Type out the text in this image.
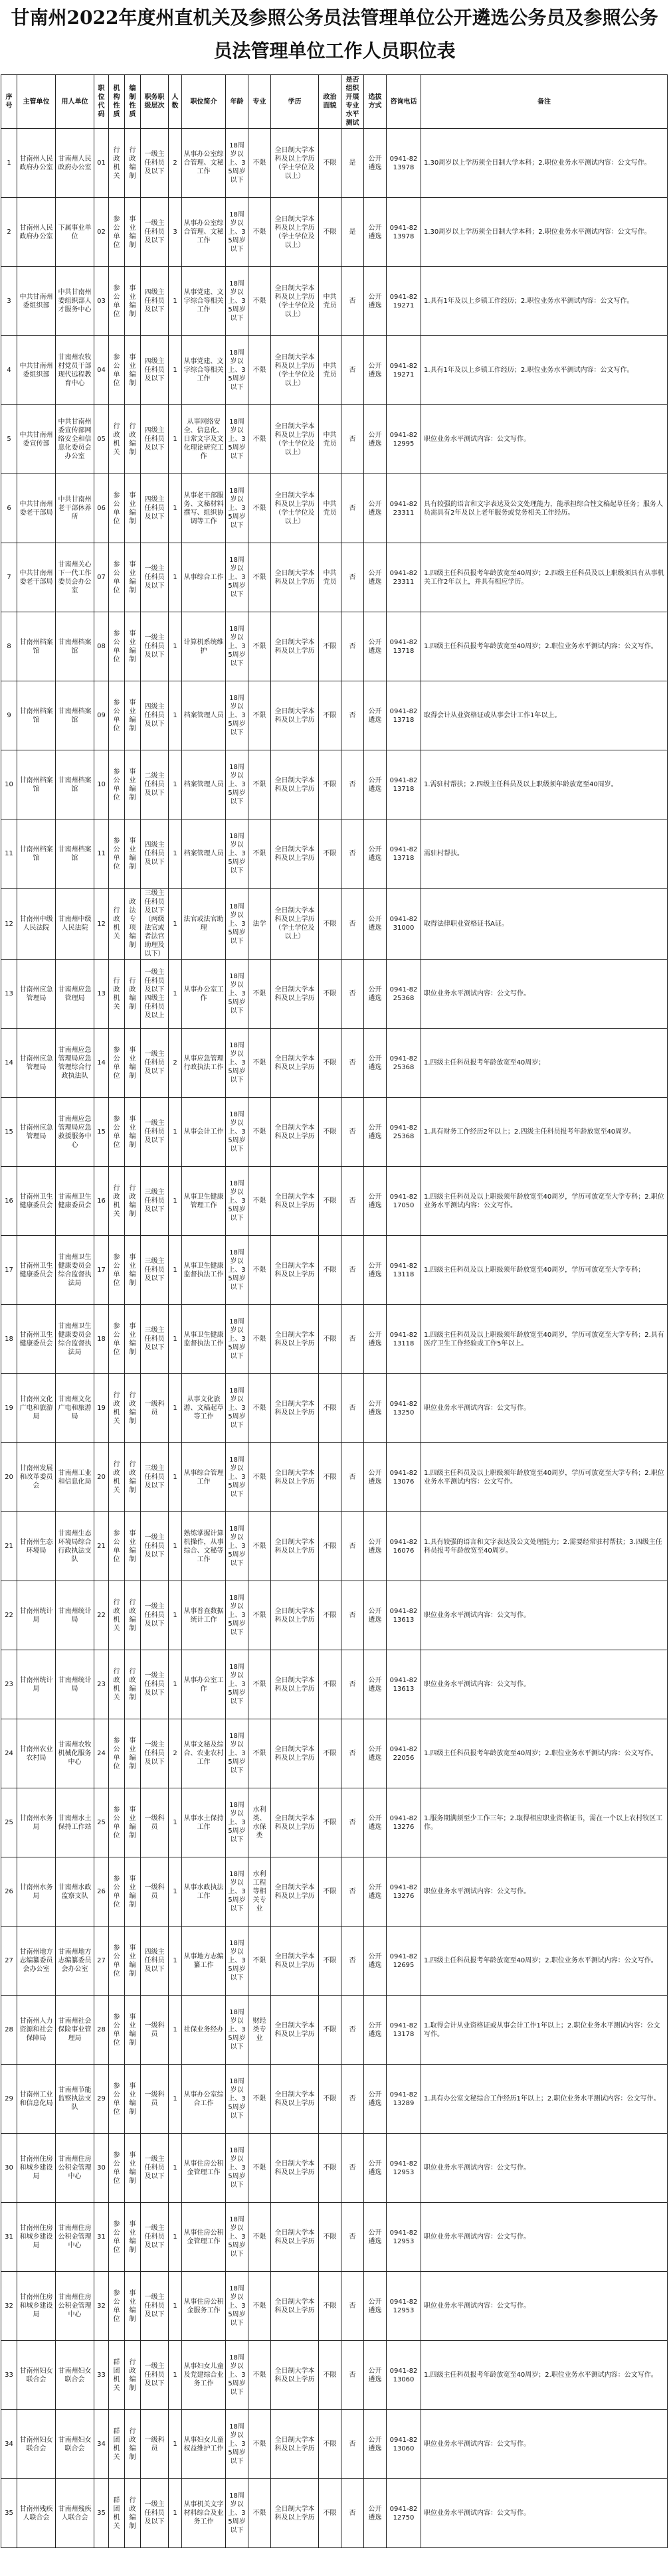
甘南州2022年度州直机关及参照公务员法管理单位公开遴选公务员及参照公务员法管理单位工作人员职位表
序号	主管单位	用人单位	职位代码	机构性质	编制性质	职务职级层次	人数	职位简介	年龄	专业	学历	政治面貌	是否组织开展专业水平测试	选拔方式	咨询电话	备注
1	甘南州人民政府办公室	甘南州人民政府办公室	01	行政机关	行政编制	一级主任科员及以下	2	从事办公室综合管理、文秘工作	18周岁以上、35周岁以下	不限	全日制大学本科及以上学历（学士学位及以上）	不限	是	公开遴选	0941-8213978	1.30周岁以上学历须全日制大学本科；2.职位业务水平测试内容：公文写作。
2	甘南州人民政府办公室	下属事业单位	02	参公单位	事业编制	一级主任科员及以下	3	从事办公室综合管理、文秘工作	18周岁以上、35周岁以下	不限	全日制大学本科及以上学历（学士学位及以上）	不限	是	公开遴选	0941-8213978	1.30周岁以上学历须全日制大学本科；2.职位业务水平测试内容：公文写作。
3	中共甘南州委组织部	中共甘南州委组织部人才服务中心	03	参公单位	事业编制	四级主任科员及以下	1	从事党建、文字综合等相关工作	18周岁以上、35周岁以下	不限	全日制大学本科及以上学历（学士学位及以上）	中共党员	否	公开遴选	0941-8219271	1.具有1年及以上乡镇工作经历；2.职位业务水平测试内容：公文写作。
4	中共甘南州委组织部	甘南州农牧村党员干部现代远程教育中心	04	参公单位	事业编制	四级主任科员及以下	1	从事党建、文字综合等相关工作	18周岁以上、35周岁以下	不限	全日制大学本科及以上学历（学士学位及以上）	中共党员	否	公开遴选	0941-8219271	1.具有1年及以上乡镇工作经历；2.职位业务水平测试内容：公文写作。
5	中共甘南州委宣传部	中共甘南州委宣传部网络安全和信息化委员会办公室	05	行政机关	行政编制	四级主任科员及以下	1	从事网络安全、信息化、日常文字及文化理论研究工作	18周岁以上、35周岁以下	不限	全日制大学本科及以上学历（学士学位及以上）	中共党员	否	公开遴选	0941-8212995	职位业务水平测试内容：公文写作。
6	中共甘南州委老干部局	中共甘南州老干部休养所	06	参公单位	事业编制	四级主任科员及以下	1	从事老干部服务、文秘材料撰写、组织协调等工作	18周岁以上、35周岁以下	不限	全日制大学本科及以上学历（学士学位及以上）	中共党员	否	公开遴选	0941-8223311	具有较强的语言和文字表达及公文处理能力，能承担综合性文稿起草任务；服务人员需具有2年及以上老年服务或党务相关工作经历。
7	中共甘南州委老干部局	甘南州关心下一代工作委员会办公室	07	参公单位	事业编制	一级主任科员及以下	1	从事综合工作	18周岁以上、35周岁以下	不限	全日制大学本科及以上学历	中共党员	否	公开遴选	0941-8223311	1.四级主任科员报考年龄放宽至40周岁；2.四级主任科员及以上职级须具有从事机关工作2年以上，并具有相应学历。
8	甘南州档案馆	甘南州档案馆	08	参公单位	事业编制	一级主任科员及以下	1	计算机系统维护	18周岁以上、35周岁以下	不限	全日制大学本科及以上学历	不限	否	公开遴选	0941-8213718	1.四级主任科员报考年龄放宽至40周岁；2.职位业务水平测试内容：公文写作。
9	甘南州档案馆	甘南州档案馆	09	参公单位	事业编制	四级主任科员及以下	1	档案管理人员	18周岁以上、35周岁以下	不限	全日制大学本科及以上学历	不限	否	公开遴选	0941-8213718	取得会计从业资格证或从事会计工作1年以上。
10	甘南州档案馆	甘南州档案馆	10	参公单位	事业编制	二级主任科员及以下	1	档案管理人员	18周岁以上、35周岁以下	不限	全日制大学本科及以上学历	不限	否	公开遴选	0941-8213718	1.需驻村帮扶；2.四级主任科员及以上职级须年龄放宽至40周岁。
11	甘南州档案馆	甘南州档案馆	11	参公单位	事业编制	四级主任科员及以下	1	档案管理人员	18周岁以上、35周岁以下	不限	全日制大学本科及以上学历	不限	否	公开遴选	0941-8213718	需驻村帮扶。
12	甘南州中级人民法院	甘南州中级人民法院	12	行政机关	政法专项编制	三级主任科员及以下（两级法官或者法官助理及以下）	1	法官或法官助理	18周岁以上、35周岁以下	法学	全日制大学本科及以上学历（学士学位及以上）	不限	否	公开遴选	0941-8231000	取得法律职业资格证书A证。
13	甘南州应急管理局	甘南州应急管理局	13	行政机关	行政编制	一级主任科员及以下四级主任科员及以上	1	从事办公室工作	18周岁以上、35周岁以下	不限	全日制大学本科及以上学历	不限	否	公开遴选	0941-8225368	职位业务水平测试内容：公文写作。
14	甘南州应急管理局	甘南州应急管理局应急管理综合行政执法队	14	参公单位	事业编制	一级主任科员及以下	2	从事应急管理行政执法工作	18周岁以上、35周岁以下	不限	全日制大学本科及以上学历	不限	否	公开遴选	0941-8225368	1.四级主任科员报考年龄放宽至40周岁；
15	甘南州应急管理局	甘南州应急管理局应急救援服务中心	15	参公单位	事业编制	一级主任科员及以下	1	从事会计工作	18周岁以上、35周岁以下	不限	全日制大学本科及以上学历	不限	否	公开遴选	0941-8225368	1.具有财务工作经历2年以上；2.四级主任科员报考年龄放宽至40周岁。
16	甘南州卫生健康委员会	甘南州卫生健康委员会	16	行政机关	行政编制	三级主任科员及以下	1	从事卫生健康管理工作	18周岁以上、35周岁以下	不限	全日制大学本科及以上学历	不限	否	公开遴选	0941-8217050	1.四级主任科员及以上职级须年龄放宽至40周岁，学历可放宽至大学专科；2.职位业务水平测试内容：公文写作。
17	甘南州卫生健康委员会	甘南州卫生健康委员会综合监督执法局	17	参公单位	事业编制	三级主任科员及以下	1	从事卫生健康监督执法工作	18周岁以上、35周岁以下	不限	全日制大学本科及以上学历	不限	否	公开遴选	0941-8213118	1.四级主任科员及以上职级须年龄放宽至40周岁，学历可放宽至大学专科；
18	甘南州卫生健康委员会	甘南州卫生健康委员会综合监督执法局	18	参公单位	事业编制	三级主任科员及以下	1	从事卫生健康监督执法工作	18周岁以上、35周岁以下	不限	全日制大学本科及以上学历	不限	否	公开遴选	0941-8213118	1.四级主任科员及以上职级须年龄放宽至40周岁，学历可放宽至大学专科；2.具有医疗卫生工作经验或工作5年以上。
19	甘南州文化广电和旅游局	甘南州文化广电和旅游局	19	行政机关	行政编制	一级科员	1	从事文化旅游、文稿起草等工作	18周岁以上、35周岁以下	不限	全日制大学本科及以上学历	不限	否	公开遴选	0941-8213250	职位业务水平测试内容：公文写作。
20	甘南州发展和改革委员会	甘南州工业和信息化局	20	行政机关	行政编制	三级主任科员及以下	1	从事综合管理工作	18周岁以上、35周岁以下	不限	全日制大学本科及以上学历	不限	否	公开遴选	0941-8213076	1.四级主任科员及以上职级须年龄放宽至40周岁，学历可放宽至大学专科；2.职位业务水平测试内容：公文写作。
21	甘南州生态环境局	甘南州生态环境局综合行政执法支队	21	参公单位	事业编制	一级主任科员及以下	1	熟练掌握计算机操作，从事综合、文秘等工作	18周岁以上、35周岁以下	不限	全日制大学本科及以上学历	不限	否	公开遴选	0941-8216076	1.具有较强的语言和文字表达及公文处理能力；2.需要经常驻村帮扶；3.四级主任科员报考年龄放宽至40周岁。
22	甘南州统计局	甘南州统计局	22	行政机关	行政编制	一级主任科员及以下	1	从事普查数据统计工作	18周岁以上、35周岁以下	不限	全日制大学本科及以上学历	不限	否	公开遴选	0941-8213613	职位业务水平测试内容：公文写作。
23	甘南州统计局	甘南州统计局	23	行政机关	行政编制	一级主任科员及以下	1	从事办公室工作	18周岁以上、35周岁以下	不限	全日制大学本科及以上学历	不限	否	公开遴选	0941-8213613	职位业务水平测试内容：公文写作。
24	甘南州农业农村局	甘南州农牧机械化服务中心	24	参公单位	事业编制	一级主任科员及以下	2	从事文秘及综合、农业农村工作	18周岁以上、35周岁以下	不限	全日制大学本科及以上学历	不限	否	公开遴选	0941-8222056	1.四级主任科员报考年龄放宽至40周岁；2.职位业务水平测试内容：公文写作。
25	甘南州水务局	甘南州水土保持工作站	25	参公单位	事业编制	一级科员	1	从事水土保持工作	18周岁以上、35周岁以下	水利类、水保类	全日制大学本科及以上学历	不限	否	公开遴选	0941-8213276	1.服务期满须至少工作三年；2.取得相应职业资格证书，需在一个以上农村牧区工作。
26	甘南州水务局	甘南州水政监察支队	26	参公单位	事业编制	一级科员	1	从事水政执法工作	18周岁以上、35周岁以下	水利工程等相关专业	全日制大学本科及以上学历	不限	否	公开遴选	0941-8213276	职位业务水平测试内容：公文写作。
27	甘南州地方志编纂委员会办公室	甘南州地方志编纂委员会办公室	27	参公单位	事业编制	四级主任科员及以下	1	从事地方志编纂工作	18周岁以上、35周岁以下	不限	全日制大学本科及以上学历	不限	否	公开遴选	0941-8212695	1.四级主任科员报考年龄放宽至40周岁；2.职位业务水平测试内容：公文写作。
28	甘南州人力资源和社会保障局	甘南州社会保险事业管理局	28	参公单位	事业编制	一级科员	1	社保业务经办	18周岁以上、35周岁以下	财经类专业	全日制大学本科及以上学历	不限	否	公开遴选	0941-8213178	1.取得会计从业资格证或从事会计工作1年以上；2.职位业务水平测试内容：公文写作。
29	甘南州工业和信息化局	甘南州节能监察执法支队	29	参公单位	事业编制	一级科员	1	从事办公室综合工作	18周岁以上、35周岁以下	不限	全日制大学本科及以上学历	不限	否	公开遴选	0941-8213289	1.具有办公室文秘综合工作经历1年以上；2.职位业务水平测试内容：公文写作。
30	甘南州住房和城乡建设局	甘南州住房公积金管理中心	30	参公单位	事业编制	一级主任科员及以下	1	从事住房公积金管理工作	18周岁以上、35周岁以下	不限	全日制大学本科及以上学历	不限	否	公开遴选	0941-8212953	职位业务水平测试内容：公文写作。
31	甘南州住房和城乡建设局	甘南州住房公积金管理中心	31	参公单位	事业编制	一级主任科员及以下	1	从事住房公积金管理工作	18周岁以上、35周岁以下	不限	全日制大学本科及以上学历	不限	否	公开遴选	0941-8212953	职位业务水平测试内容：公文写作。
32	甘南州住房和城乡建设局	甘南州住房公积金管理中心	32	参公单位	事业编制	一级主任科员及以下	1	从事住房公积金服务工作	18周岁以上、35周岁以下	不限	全日制大学本科及以上学历	不限	否	公开遴选	0941-8212953	职位业务水平测试内容：公文写作。
33	甘南州妇女联合会	甘南州妇女联合会	33	群团机关	行政编制	一级主任科员及以下	1	从事妇女儿童及党建综合业务工作	18周岁以上、35周岁以下	不限	全日制大学本科及以上学历	不限	否	公开遴选	0941-8213060	1.四级主任科员报考年龄放宽至40周岁；2.职位业务水平测试内容：公文写作。
34	甘南州妇女联合会	甘南州妇女联合会	34	群团机关	行政编制	一级科员	1	从事妇女儿童权益维护工作	18周岁以上、35周岁以下	不限	全日制大学本科及以上学历	不限	否	公开遴选	0941-8213060	职位业务水平测试内容：公文写作。
35	甘南州残疾人联合会	甘南州残疾人联合会	35	群团机关	行政编制	一级主任科员及以下	1	从事机关文字材料综合及业务工作	18周岁以上、35周岁以下	不限	全日制大学本科及以上学历	不限	否	公开遴选	0941-8212750	职位业务水平测试内容：公文写作。
